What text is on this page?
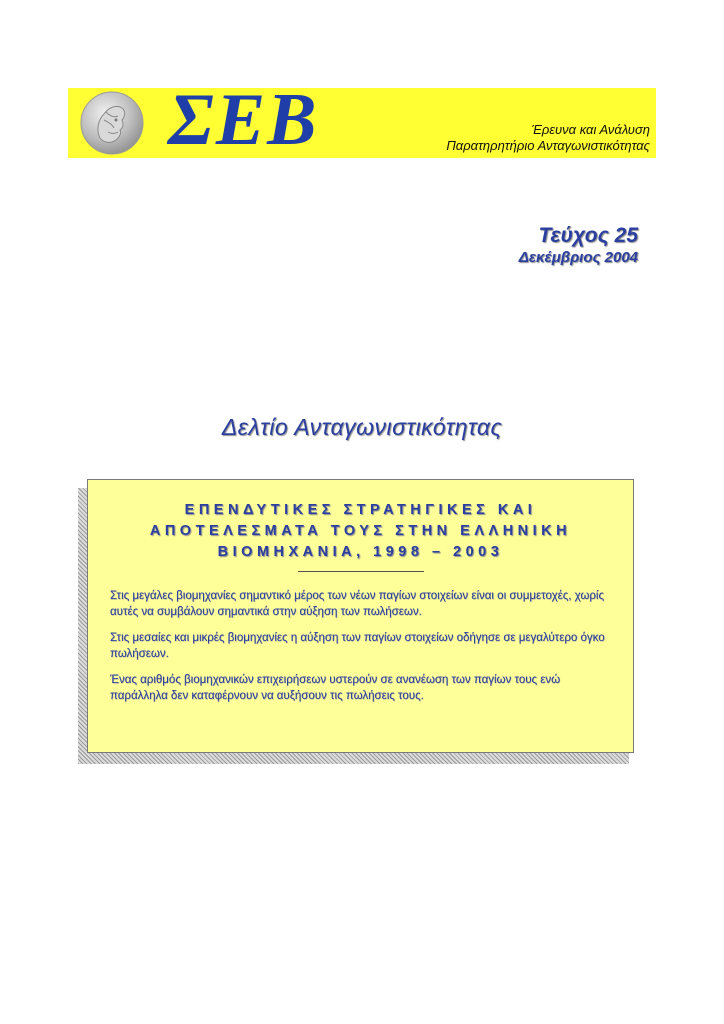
ΣΕΒ	Έρευνα και Ανάλυση
Παρατηρητήριο Ανταγωνιστικότητας
Τεύχος 25
Δεκέμβριος 2004
Δελτίο Ανταγωνιστικότητας
ΕΠΕΝΔΥΤΙΚΕΣ ΣΤΡΑΤΗΓΙΚΕΣ ΚΑΙ
ΑΠΟΤΕΛΕΣΜΑΤΑ ΤΟΥΣ ΣΤΗΝ ΕΛΛΗΝΙΚΗ
ΒΙΟΜΗΧΑΝΙΑ, 1998 – 2003

Στις μεγάλες βιομηχανίες σημαντικό μέρος των νέων παγίων στοιχείων είναι οι συμμετοχές, χωρίς αυτές να συμβάλουν σημαντικά στην αύξηση των πωλήσεων.

Στις μεσαίες και μικρές βιομηχανίες η αύξηση των παγίων στοιχείων οδήγησε σε μεγαλύτερο όγκο πωλήσεων.

Ένας αριθμός βιομηχανικών επιχειρήσεων υστερούν σε ανανέωση των παγίων τους ενώ παράλληλα δεν καταφέρνουν να αυξήσουν τις πωλήσεις τους.
